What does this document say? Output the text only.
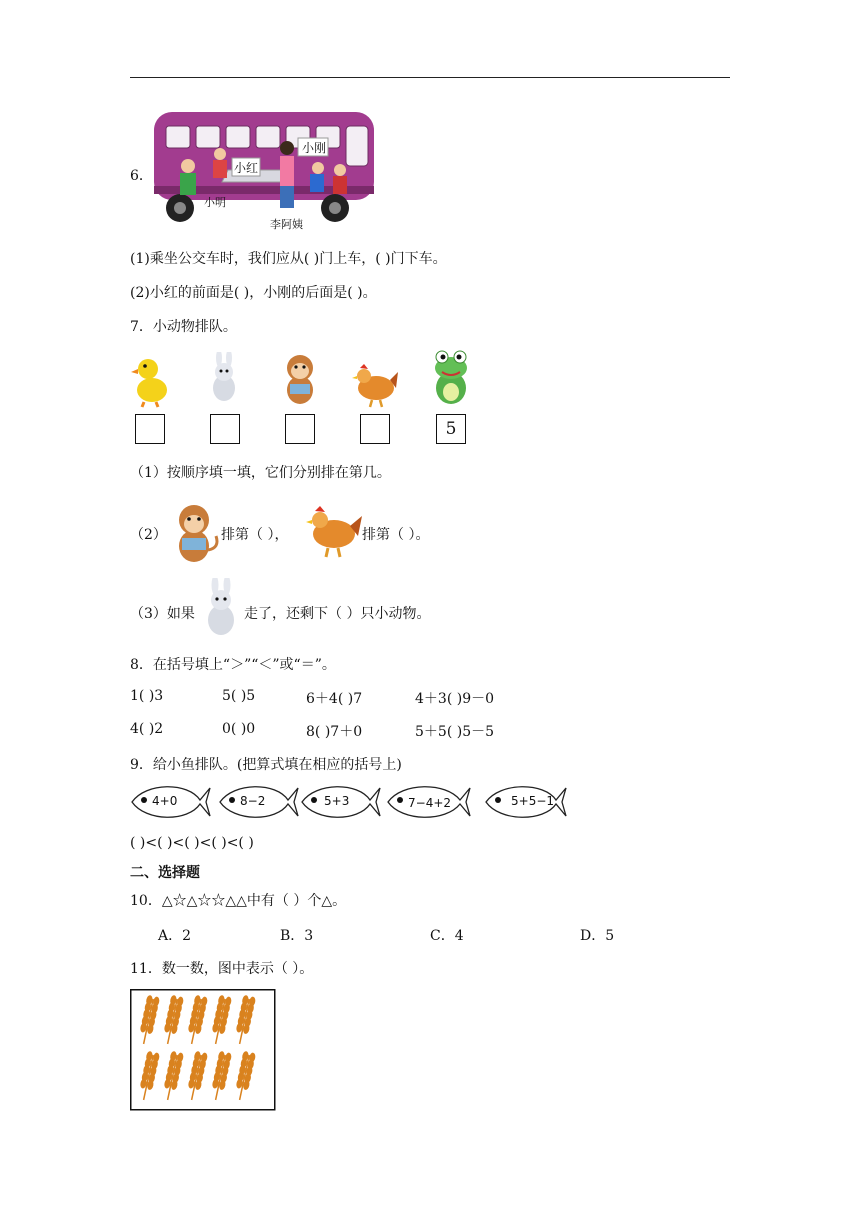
6．
小刚
小红
小明
李阿姨
(1)乘坐公交车时，我们应从( )门上车，( )门下车。
(2)小红的前面是( )，小刚的后面是( )。
7．小动物排队。
5
（1）按顺序填一填，它们分别排在第几。
（2）	排第（ ），	排第（ ）。
（3）如果	走了，还剩下（ ）只小动物。
8．在括号填上“＞”“＜”或“＝”。
1( )3	5( )5	6＋4( )7	4＋3( )9－0
4( )2	0( )0	8( )7＋0	5＋5( )5－5
9．给小鱼排队。(把算式填在相应的括号上)
4+0	8−2	5+3	7−4+2	5+5−1
( )<( )<( )<( )<( )
二、选择题
10．△☆△☆☆△△中有（ ）个△。
A．2	B．3	C．4	D．5
11．数一数，图中表示（ ）。
